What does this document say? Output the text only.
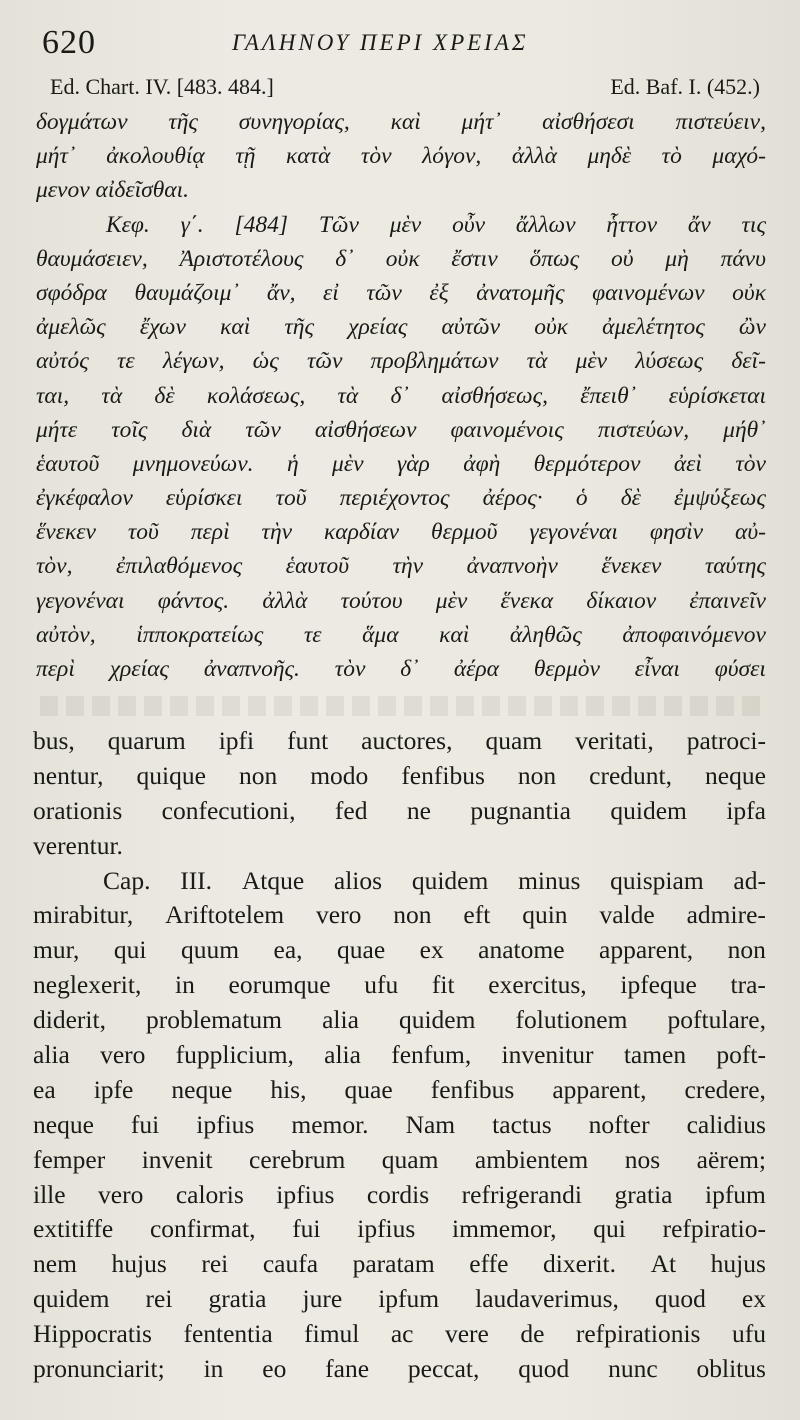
620	ΓΑΛΗΝΟΥ ΠΕΡΙ ΧΡΕΙΑΣ
Ed. Chart. IV. [483. 484.]	Ed. Baf. I. (452.)
δογμάτων τῆς συνηγορίας, καὶ μήτ᾿ αἰσθήσεσι πιστεύειν,
μήτ᾿ ἀκολουθίᾳ τῇ κατὰ τὸν λόγον, ἀλλὰ μηδὲ τὸ μαχό-
μενον αἰδεῖσθαι.
Κεφ. γ΄. [484] Τῶν μὲν οὖν ἄλλων ἧττον ἄν τις
θαυμάσειεν, Ἀριστοτέλους δ᾿ οὐκ ἔστιν ὅπως οὐ μὴ πάνυ
σφόδρα θαυμάζοιμ᾿ ἄν, εἰ τῶν ἐξ ἀνατομῆς φαινομένων οὐκ
ἀμελῶς ἔχων καὶ τῆς χρείας αὐτῶν οὐκ ἀμελέτητος ὢν
αὐτός τε λέγων, ὡς τῶν προβλημάτων τὰ μὲν λύσεως δεῖ-
ται, τὰ δὲ κολάσεως, τὰ δ᾿ αἰσθήσεως, ἔπειθ᾿ εὑρίσκεται
μήτε τοῖς διὰ τῶν αἰσθήσεων φαινομένοις πιστεύων, μήθ᾿
ἑαυτοῦ μνημονεύων. ἡ μὲν γὰρ ἀφὴ θερμότερον ἀεὶ τὸν
ἐγκέφαλον εὑρίσκει τοῦ περιέχοντος ἀέρος· ὁ δὲ ἐμψύξεως
ἕνεκεν τοῦ περὶ τὴν καρδίαν θερμοῦ γεγονέναι φησὶν αὐ-
τὸν, ἐπιλαθόμενος ἑαυτοῦ τὴν ἀναπνοὴν ἕνεκεν ταύτης
γεγονέναι φάντος. ἀλλὰ τούτου μὲν ἕνεκα δίκαιον ἐπαινεῖν
αὐτὸν, ἱπποκρατείως τε ἅμα καὶ ἀληθῶς ἀποφαινόμενον
περὶ χρείας ἀναπνοῆς. τὸν δ᾿ ἀέρα θερμὸν εἶναι φύσει
bus, quarum ipfi funt auctores, quam veritati, patroci-
nentur, quique non modo fenfibus non credunt, neque
orationis confecutioni, fed ne pugnantia quidem ipfa
verentur.
Cap. III. Atque alios quidem minus quispiam ad-
mirabitur, Ariftotelem vero non eft quin valde admire-
mur, qui quum ea, quae ex anatome apparent, non
neglexerit, in eorumque ufu fit exercitus, ipfeque tra-
diderit, problematum alia quidem folutionem poftulare,
alia vero fupplicium, alia fenfum, invenitur tamen poft-
ea ipfe neque his, quae fenfibus apparent, credere,
neque fui ipfius memor. Nam tactus nofter calidius
femper invenit cerebrum quam ambientem nos aërem;
ille vero caloris ipfius cordis refrigerandi gratia ipfum
extitiffe confirmat, fui ipfius immemor, qui refpiratio-
nem hujus rei caufa paratam effe dixerit. At hujus
quidem rei gratia jure ipfum laudaverimus, quod ex
Hippocratis fententia fimul ac vere de refpirationis ufu
pronunciarit; in eo fane peccat, quod nunc oblitus
